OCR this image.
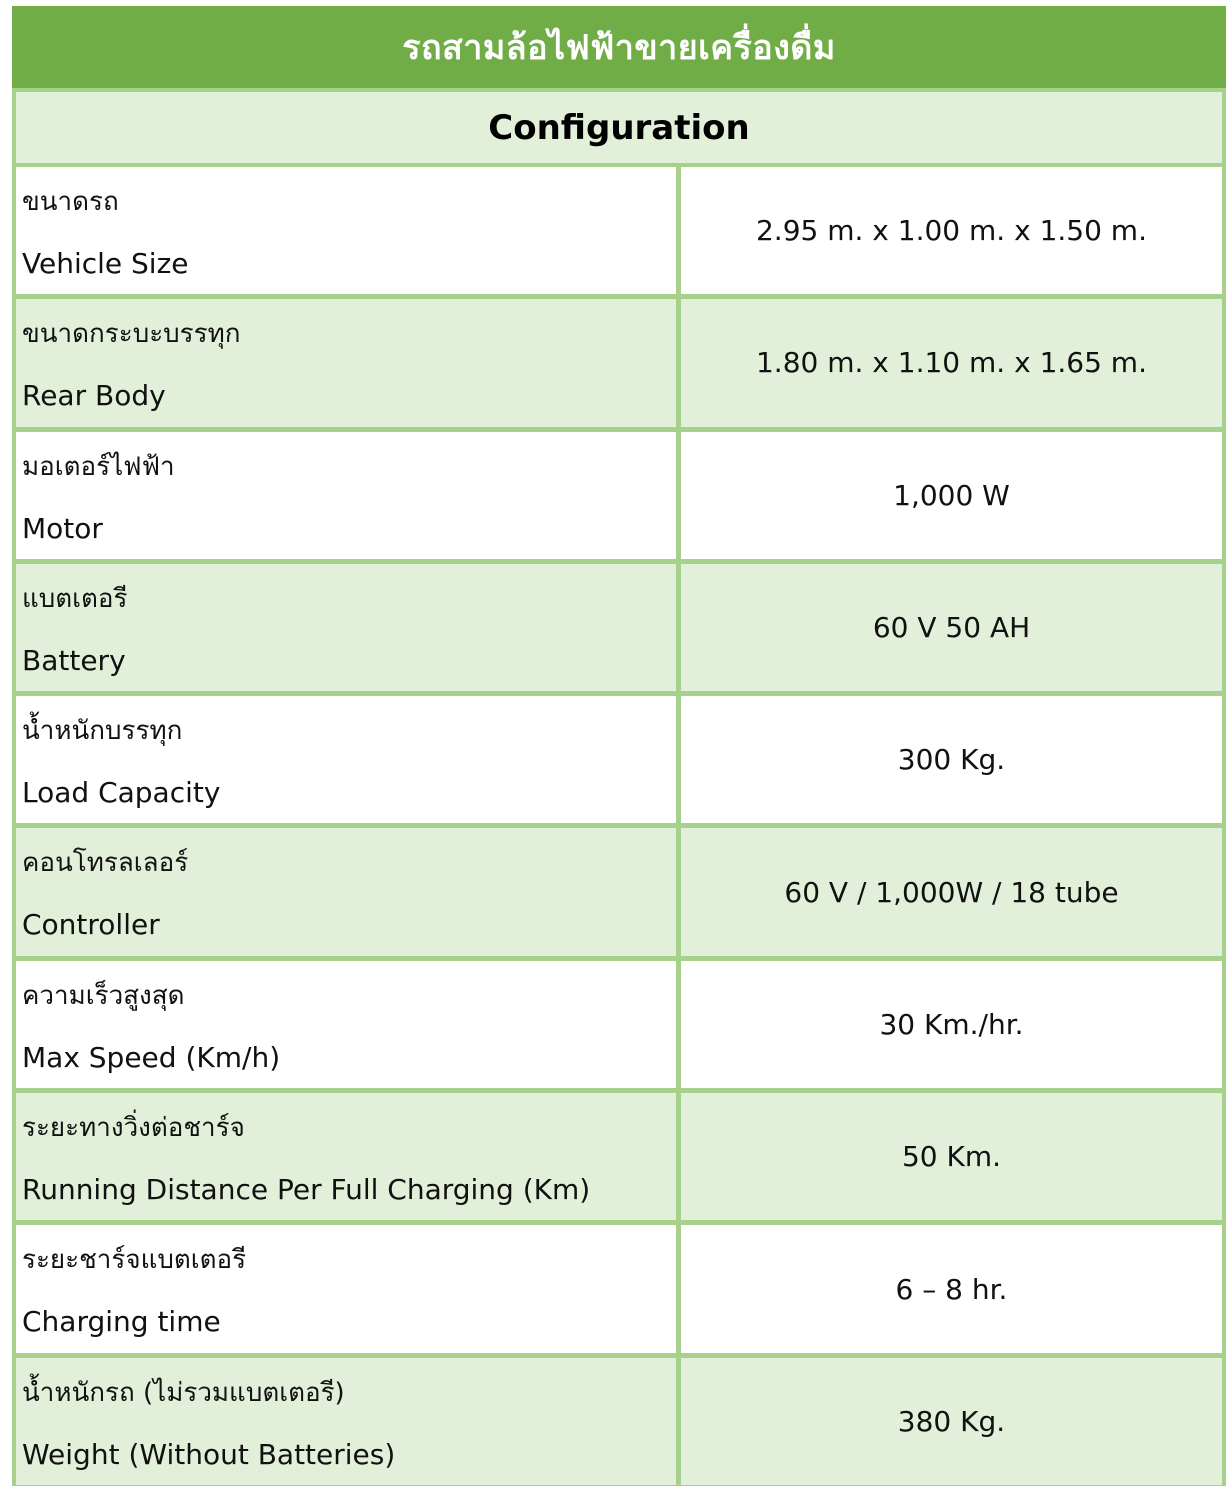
รถสามล้อไฟฟ้าขายเครื่องดื่ม
Configuration
ขนาดรถ
Vehicle Size
2.95 m. x 1.00 m. x 1.50 m.
ขนาดกระบะบรรทุก
Rear Body
1.80 m. x 1.10 m. x 1.65 m.
มอเตอร์ไฟฟ้า
Motor
1,000 W
แบตเตอรี
Battery
60 V 50 AH
น้ำหนักบรรทุก
Load Capacity
300 Kg.
คอนโทรลเลอร์
Controller
60 V / 1,000W / 18 tube
ความเร็วสูงสุด
Max Speed (Km/h)
30 Km./hr.
ระยะทางวิ่งต่อชาร์จ
Running Distance Per Full Charging (Km)
50 Km.
ระยะชาร์จแบตเตอรี
Charging time
6 – 8 hr.
น้ำหนักรถ (ไม่รวมแบตเตอรี)
Weight (Without Batteries)
380 Kg.
